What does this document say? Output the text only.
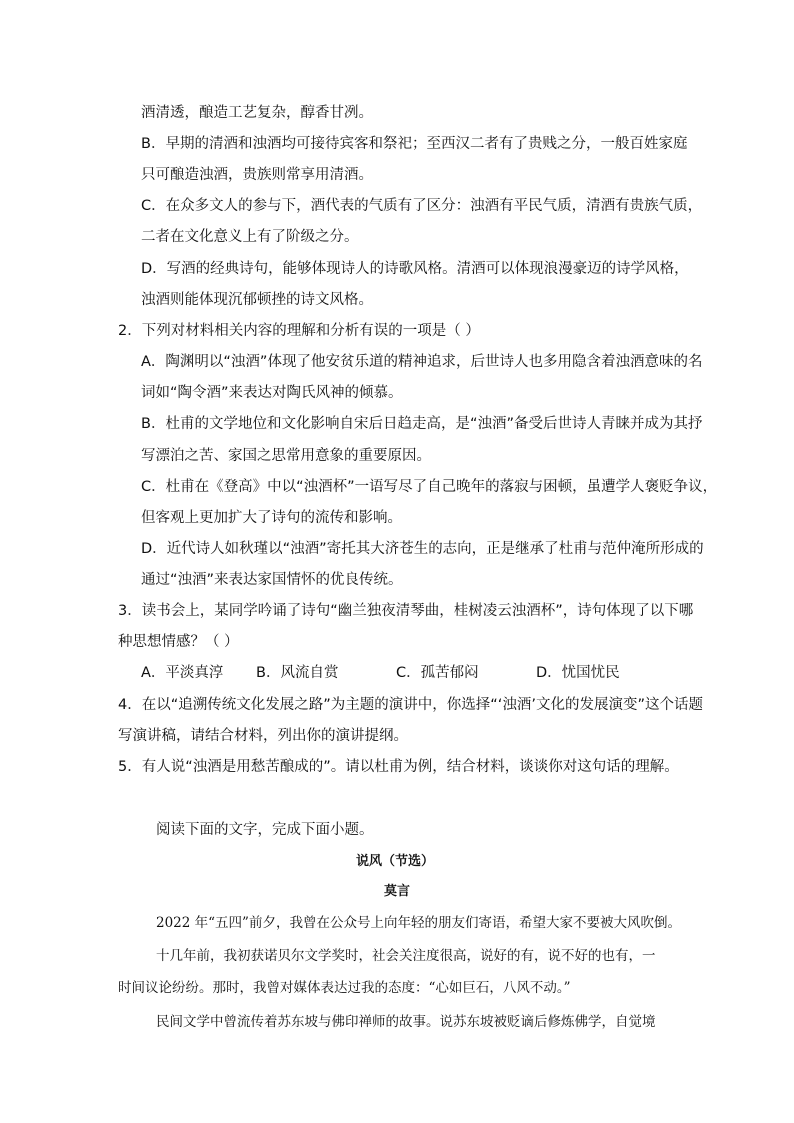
酒清透，酿造工艺复杂，醇香甘冽。
B．早期的清酒和浊酒均可接待宾客和祭祀；至西汉二者有了贵贱之分，一般百姓家庭
只可酿造浊酒，贵族则常享用清酒。
C．在众多文人的参与下，酒代表的气质有了区分：浊酒有平民气质，清酒有贵族气质，
二者在文化意义上有了阶级之分。
D．写酒的经典诗句，能够体现诗人的诗歌风格。清酒可以体现浪漫豪迈的诗学风格，
浊酒则能体现沉郁顿挫的诗文风格。
2．下列对材料相关内容的理解和分析有误的一项是（ ）
A．陶渊明以“浊酒”体现了他安贫乐道的精神追求，后世诗人也多用隐含着浊酒意味的名
词如“陶令酒”来表达对陶氏风神的倾慕。
B．杜甫的文学地位和文化影响自宋后日趋走高，是“浊酒”备受后世诗人青睐并成为其抒
写漂泊之苦、家国之思常用意象的重要原因。
C．杜甫在《登高》中以“浊酒杯”一语写尽了自己晚年的落寂与困顿，虽遭学人褒贬争议，
但客观上更加扩大了诗句的流传和影响。
D．近代诗人如秋瑾以“浊酒”寄托其大济苍生的志向，正是继承了杜甫与范仲淹所形成的
通过“浊酒”来表达家国情怀的优良传统。
3．读书会上，某同学吟诵了诗句“幽兰独夜清琴曲，桂树凌云浊酒杯”，诗句体现了以下哪
种思想情感？（ ）
A．平淡真淳 B．风流自赏	C．孤苦郁闷	D．忧国忧民
4．在以“追溯传统文化发展之路”为主题的演讲中，你选择“‘浊酒’文化的发展演变”这个话题
写演讲稿，请结合材料，列出你的演讲提纲。
5．有人说“浊酒是用愁苦酿成的”。请以杜甫为例，结合材料，谈谈你对这句话的理解。
阅读下面的文字，完成下面小题。
说风（节选）
莫言
2022 年“五四”前夕，我曾在公众号上向年轻的朋友们寄语，希望大家不要被大风吹倒。
十几年前，我初获诺贝尔文学奖时，社会关注度很高，说好的有，说不好的也有，一
时间议论纷纷。那时，我曾对媒体表达过我的态度：“心如巨石，八风不动。”
民间文学中曾流传着苏东坡与佛印禅师的故事。说苏东坡被贬谪后修炼佛学，自觉境
